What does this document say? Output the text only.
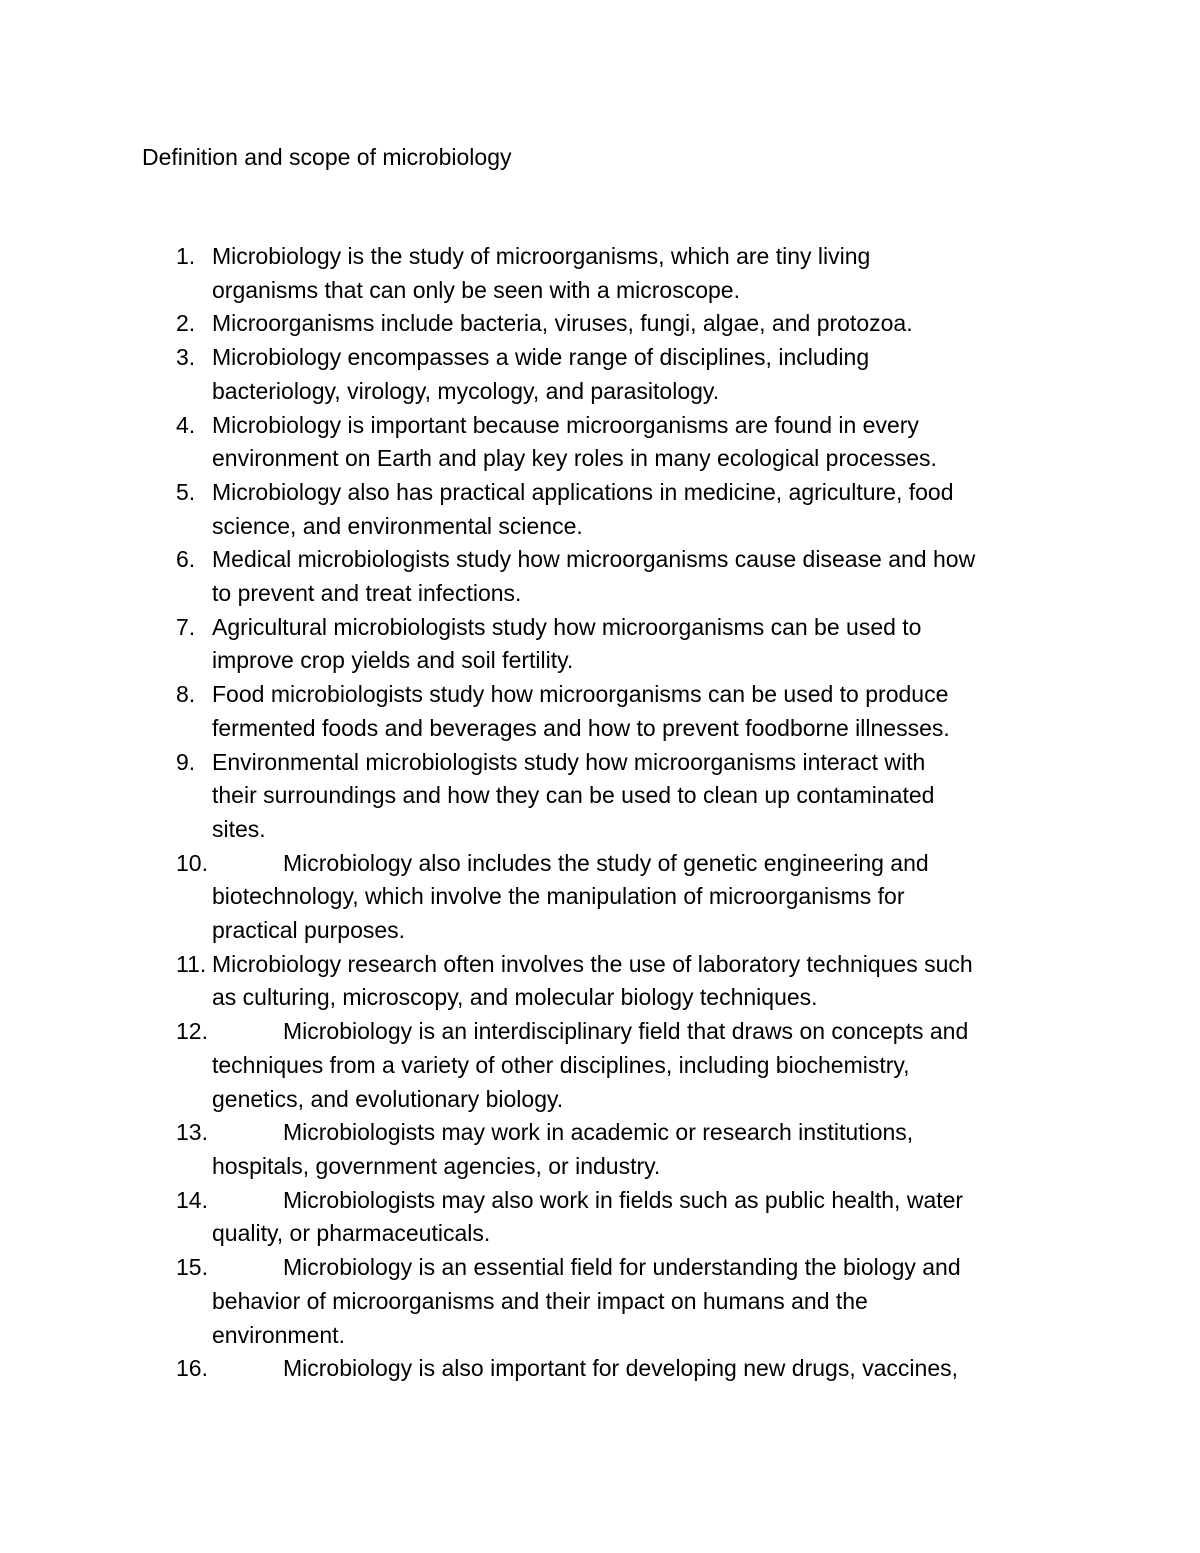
Definition and scope of microbiology
1. Microbiology is the study of microorganisms, which are tiny living
organisms that can only be seen with a microscope.
2. Microorganisms include bacteria, viruses, fungi, algae, and protozoa.
3. Microbiology encompasses a wide range of disciplines, including
bacteriology, virology, mycology, and parasitology.
4. Microbiology is important because microorganisms are found in every
environment on Earth and play key roles in many ecological processes.
5. Microbiology also has practical applications in medicine, agriculture, food
science, and environmental science.
6. Medical microbiologists study how microorganisms cause disease and how
to prevent and treat infections.
7. Agricultural microbiologists study how microorganisms can be used to
improve crop yields and soil fertility.
8. Food microbiologists study how microorganisms can be used to produce
fermented foods and beverages and how to prevent foodborne illnesses.
9. Environmental microbiologists study how microorganisms interact with
their surroundings and how they can be used to clean up contaminated
sites.
10.	Microbiology also includes the study of genetic engineering and
biotechnology, which involve the manipulation of microorganisms for
practical purposes.
11. Microbiology research often involves the use of laboratory techniques such
as culturing, microscopy, and molecular biology techniques.
12.	Microbiology is an interdisciplinary field that draws on concepts and
techniques from a variety of other disciplines, including biochemistry,
genetics, and evolutionary biology.
13.	Microbiologists may work in academic or research institutions,
hospitals, government agencies, or industry.
14.	Microbiologists may also work in fields such as public health, water
quality, or pharmaceuticals.
15.	Microbiology is an essential field for understanding the biology and
behavior of microorganisms and their impact on humans and the
environment.
16.	Microbiology is also important for developing new drugs, vaccines,
